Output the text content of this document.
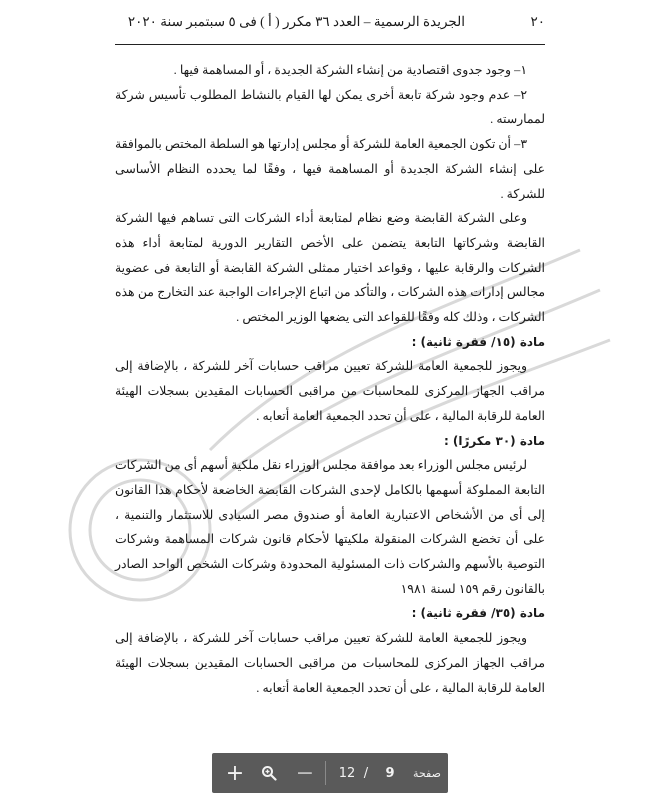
٢٠
الجريدة الرسمية – العدد ٣٦ مكرر ( أ ) فى ٥ سبتمبر سنة ٢٠٢٠

١– وجود جدوى اقتصادية من إنشاء الشركة الجديدة ، أو المساهمة فيها .

٢– عدم وجود شركة تابعة أخرى يمكن لها القيام بالنشاط المطلوب تأسيس شركة لممارسته .

٣– أن تكون الجمعية العامة للشركة أو مجلس إدارتها هو السلطة المختص بالموافقة على إنشاء الشركة الجديدة أو المساهمة فيها ، وفقًا لما يحدده النظام الأساسى للشركة .

وعلى الشركة القابضة وضع نظام لمتابعة أداء الشركات التى تساهم فيها الشركة القابضة وشركاتها التابعة يتضمن على الأخص التقارير الدورية لمتابعة أداء هذه الشركات والرقابة عليها ، وقواعد اختيار ممثلى الشركة القابضة أو التابعة فى عضوية مجالس إدارات هذه الشركات ، والتأكد من اتباع الإجراءات الواجبة عند التخارج من هذه الشركات ، وذلك كله وفقًا للقواعد التى يضعها الوزير المختص .

مادة (١٥/ فقرة ثانية) :

ويجوز للجمعية العامة للشركة تعيين مراقب حسابات آخر للشركة ، بالإضافة إلى مراقب الجهاز المركزى للمحاسبات من مراقبى الحسابات المقيدين بسجلات الهيئة العامة للرقابة المالية ، على أن تحدد الجمعية العامة أتعابه .

مادة (٣٠ مكررًا) :

لرئيس مجلس الوزراء بعد موافقة مجلس الوزراء نقل ملكية أسهم أى من الشركات التابعة المملوكة أسهمها بالكامل لإحدى الشركات القابضة الخاضعة لأحكام هذا القانون إلى أى من الأشخاص الاعتبارية العامة أو صندوق مصر السيادى للاستثمار والتنمية ، على أن تخضع الشركات المنقولة ملكيتها لأحكام قانون شركات المساهمة وشركات التوصية بالأسهم والشركات ذات المسئولية المحدودة وشركات الشخص الواحد الصادر بالقانون رقم ١٥٩ لسنة ١٩٨١

مادة (٣٥/ فقرة ثانية) :

ويجوز للجمعية العامة للشركة تعيين مراقب حسابات آخر للشركة ، بالإضافة إلى مراقب الجهاز المركزى للمحاسبات من مراقبى الحسابات المقيدين بسجلات الهيئة العامة للرقابة المالية ، على أن تحدد الجمعية العامة أتعابه .

+ − 12 /	9	صفحة
